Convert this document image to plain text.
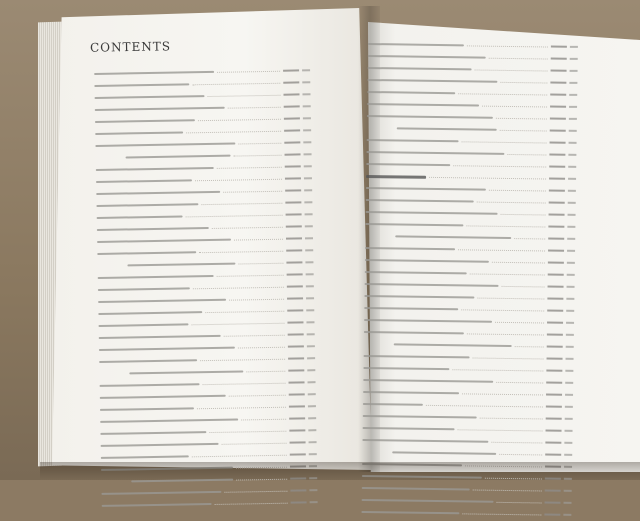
CONTENTS
